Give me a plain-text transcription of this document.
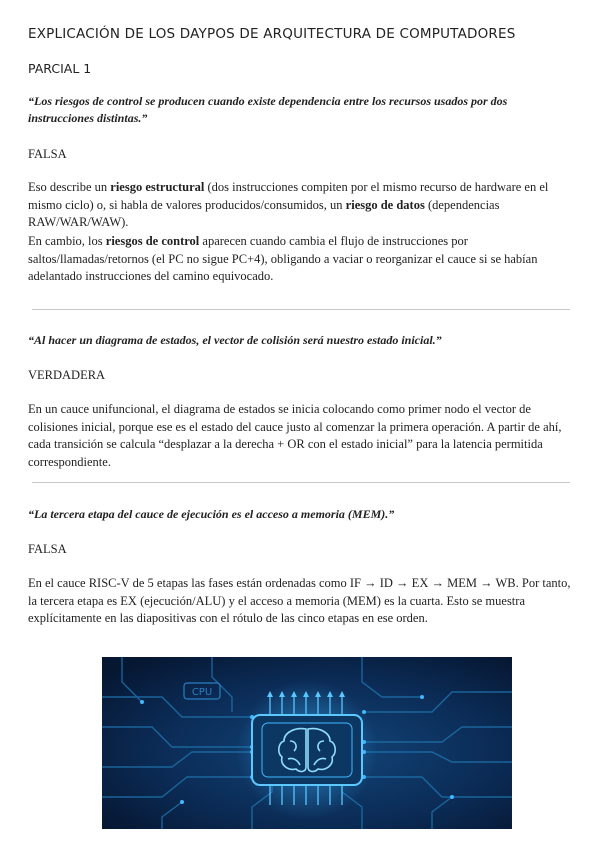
EXPLICACIÓN DE LOS DAYPOS DE ARQUITECTURA DE COMPUTADORES
PARCIAL 1
“Los riesgos de control se producen cuando existe dependencia entre los recursos usados por dos instrucciones distintas.”
FALSA

Eso describe un riesgo estructural (dos instrucciones compiten por el mismo recurso de hardware en el mismo ciclo) o, si habla de valores producidos/consumidos, un riesgo de datos (dependencias RAW/WAR/WAW).

En cambio, los riesgos de control aparecen cuando cambia el flujo de instrucciones por saltos/llamadas/retornos (el PC no sigue PC+4), obligando a vaciar o reorganizar el cauce si se habían adelantado instrucciones del camino equivocado.

“Al hacer un diagrama de estados, el vector de colisión será nuestro estado inicial.”
VERDADERA

En un cauce unifuncional, el diagrama de estados se inicia colocando como primer nodo el vector de colisiones inicial, porque ese es el estado del cauce justo al comenzar la primera operación. A partir de ahí, cada transición se calcula “desplazar a la derecha + OR con el estado inicial” para la latencia permitida correspondiente.

“La tercera etapa del cauce de ejecución es el acceso a memoria (MEM).”
FALSA

En el cauce RISC-V de 5 etapas las fases están ordenadas como IF → ID → EX → MEM → WB. Por tanto, la tercera etapa es EX (ejecución/ALU) y el acceso a memoria (MEM) es la cuarta. Esto se muestra explícitamente en las diapositivas con el rótulo de las cinco etapas en ese orden.

CPU
